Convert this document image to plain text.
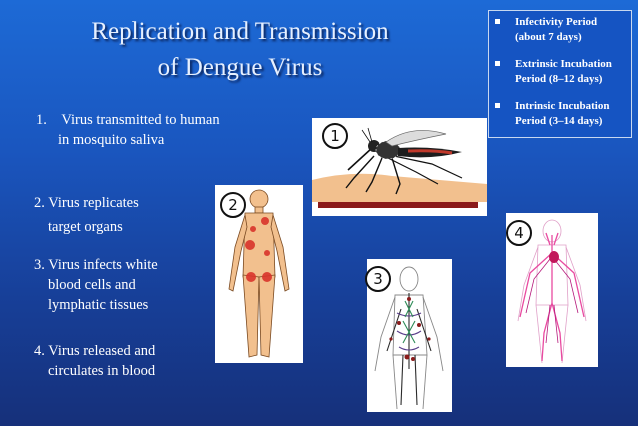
Replication and Transmission
of Dengue Virus
Infectivity Period
(about 7 days)
Extrinsic Incubation
Period (8–12 days)
Intrinsic Incubation
Period (3–14 days)
1.    Virus transmitted to human
in mosquito saliva
2. Virus replicates
target organs
3. Virus infects white
blood cells and
lymphatic tissues
4. Virus released and
circulates in blood
1
2
3
4
